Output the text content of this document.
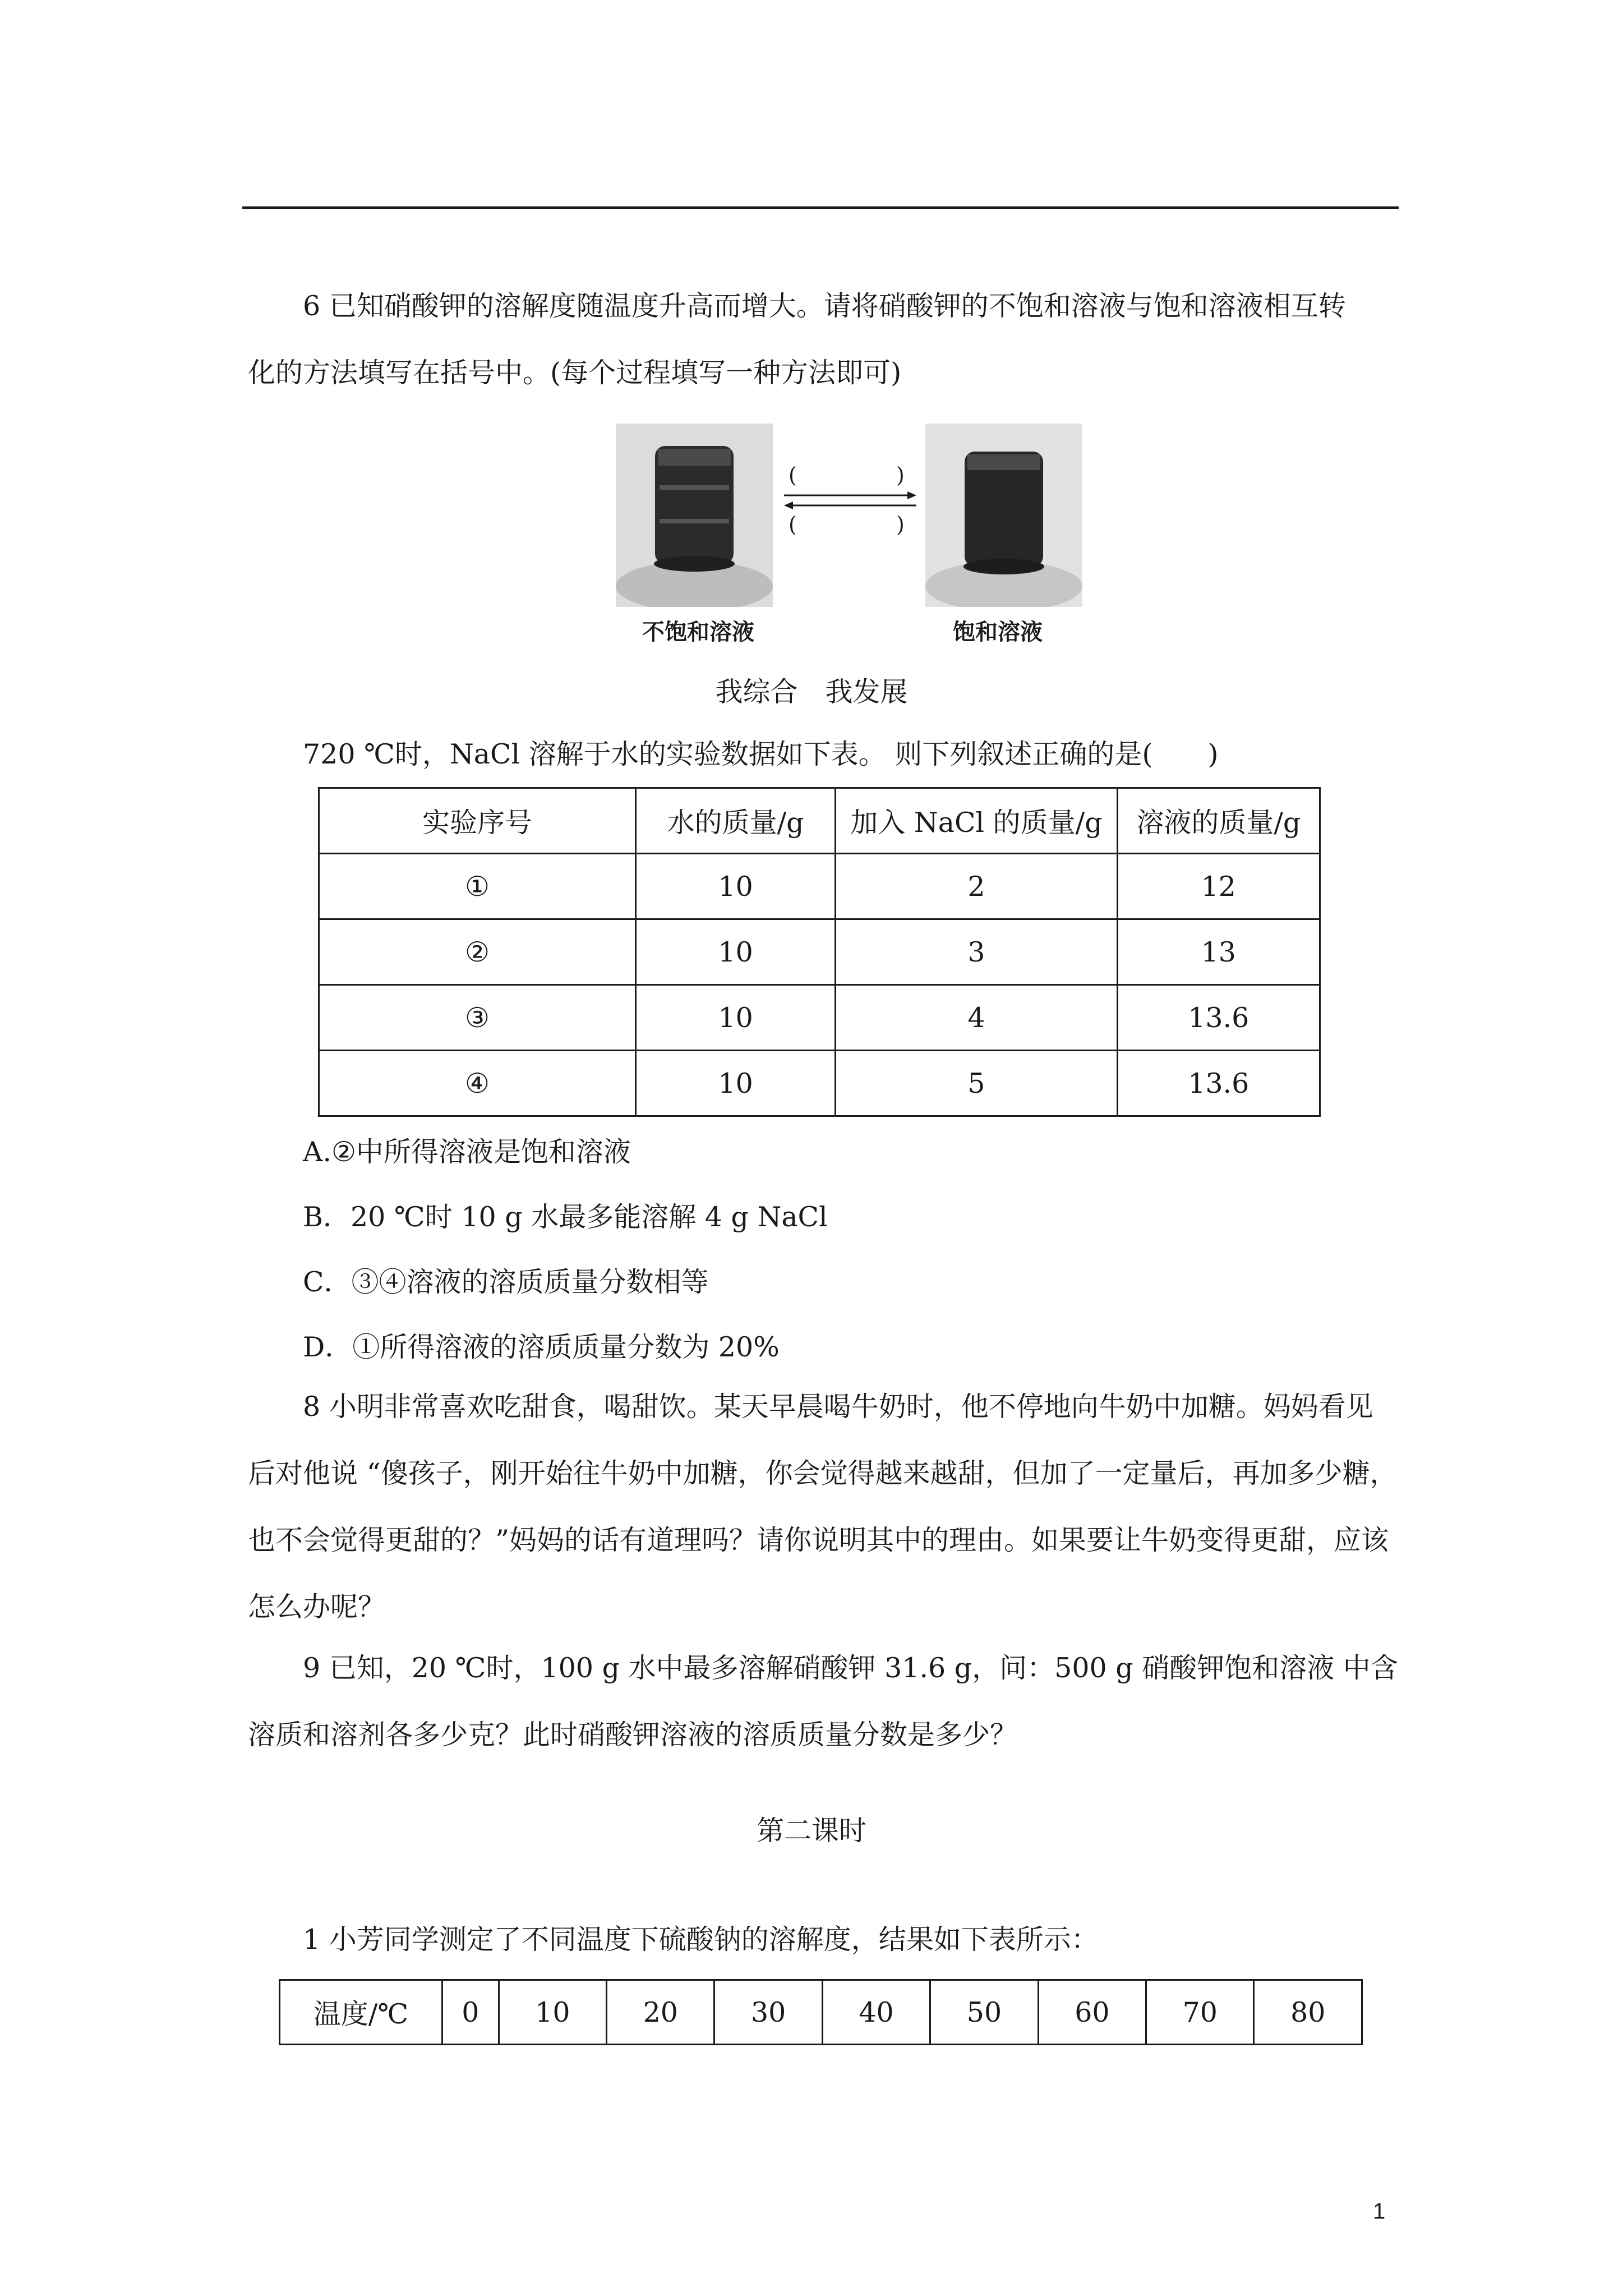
6 已知硝酸钾的溶解度随温度升高而增大。请将硝酸钾的不饱和溶液与饱和溶液相互转

化的方法填写在括号中。(每个过程填写一种方法即可)

(	)
(	)
不饱和溶液	饱和溶液

我综合　我发展

720 ℃时，NaCl 溶解于水的实验数据如下表。 则下列叙述正确的是(　　)

实验序号	水的质量/g	加入 NaCl 的质量/g	溶液的质量/g
①	10	2	12
②	10	3	13
③	10	4	13.6
④	10	5	13.6

A.②中所得溶液是饱和溶液

B．20 ℃时 10 g 水最多能溶解 4 g NaCl

C．③④溶液的溶质质量分数相等

D．①所得溶液的溶质质量分数为 20%

8 小明非常喜欢吃甜食，喝甜饮。某天早晨喝牛奶时，他不停地向牛奶中加糖。妈妈看见后对他说 “傻孩子，刚开始往牛奶中加糖，你会觉得越来越甜，但加了一定量后，再加多少糖，也不会觉得更甜的？”妈妈的话有道理吗？请你说明其中的理由。如果要让牛奶变得更甜，应该怎么办呢？

9 已知，20 ℃时，100 g 水中最多溶解硝酸钾 31.6 g，问：500 g 硝酸钾饱和溶液 中含溶质和溶剂各多少克？此时硝酸钾溶液的溶质质量分数是多少？

第二课时

1 小芳同学测定了不同温度下硫酸钠的溶解度，结果如下表所示：

温度/℃	0	10	20	30	40	50	60	70	80
1
